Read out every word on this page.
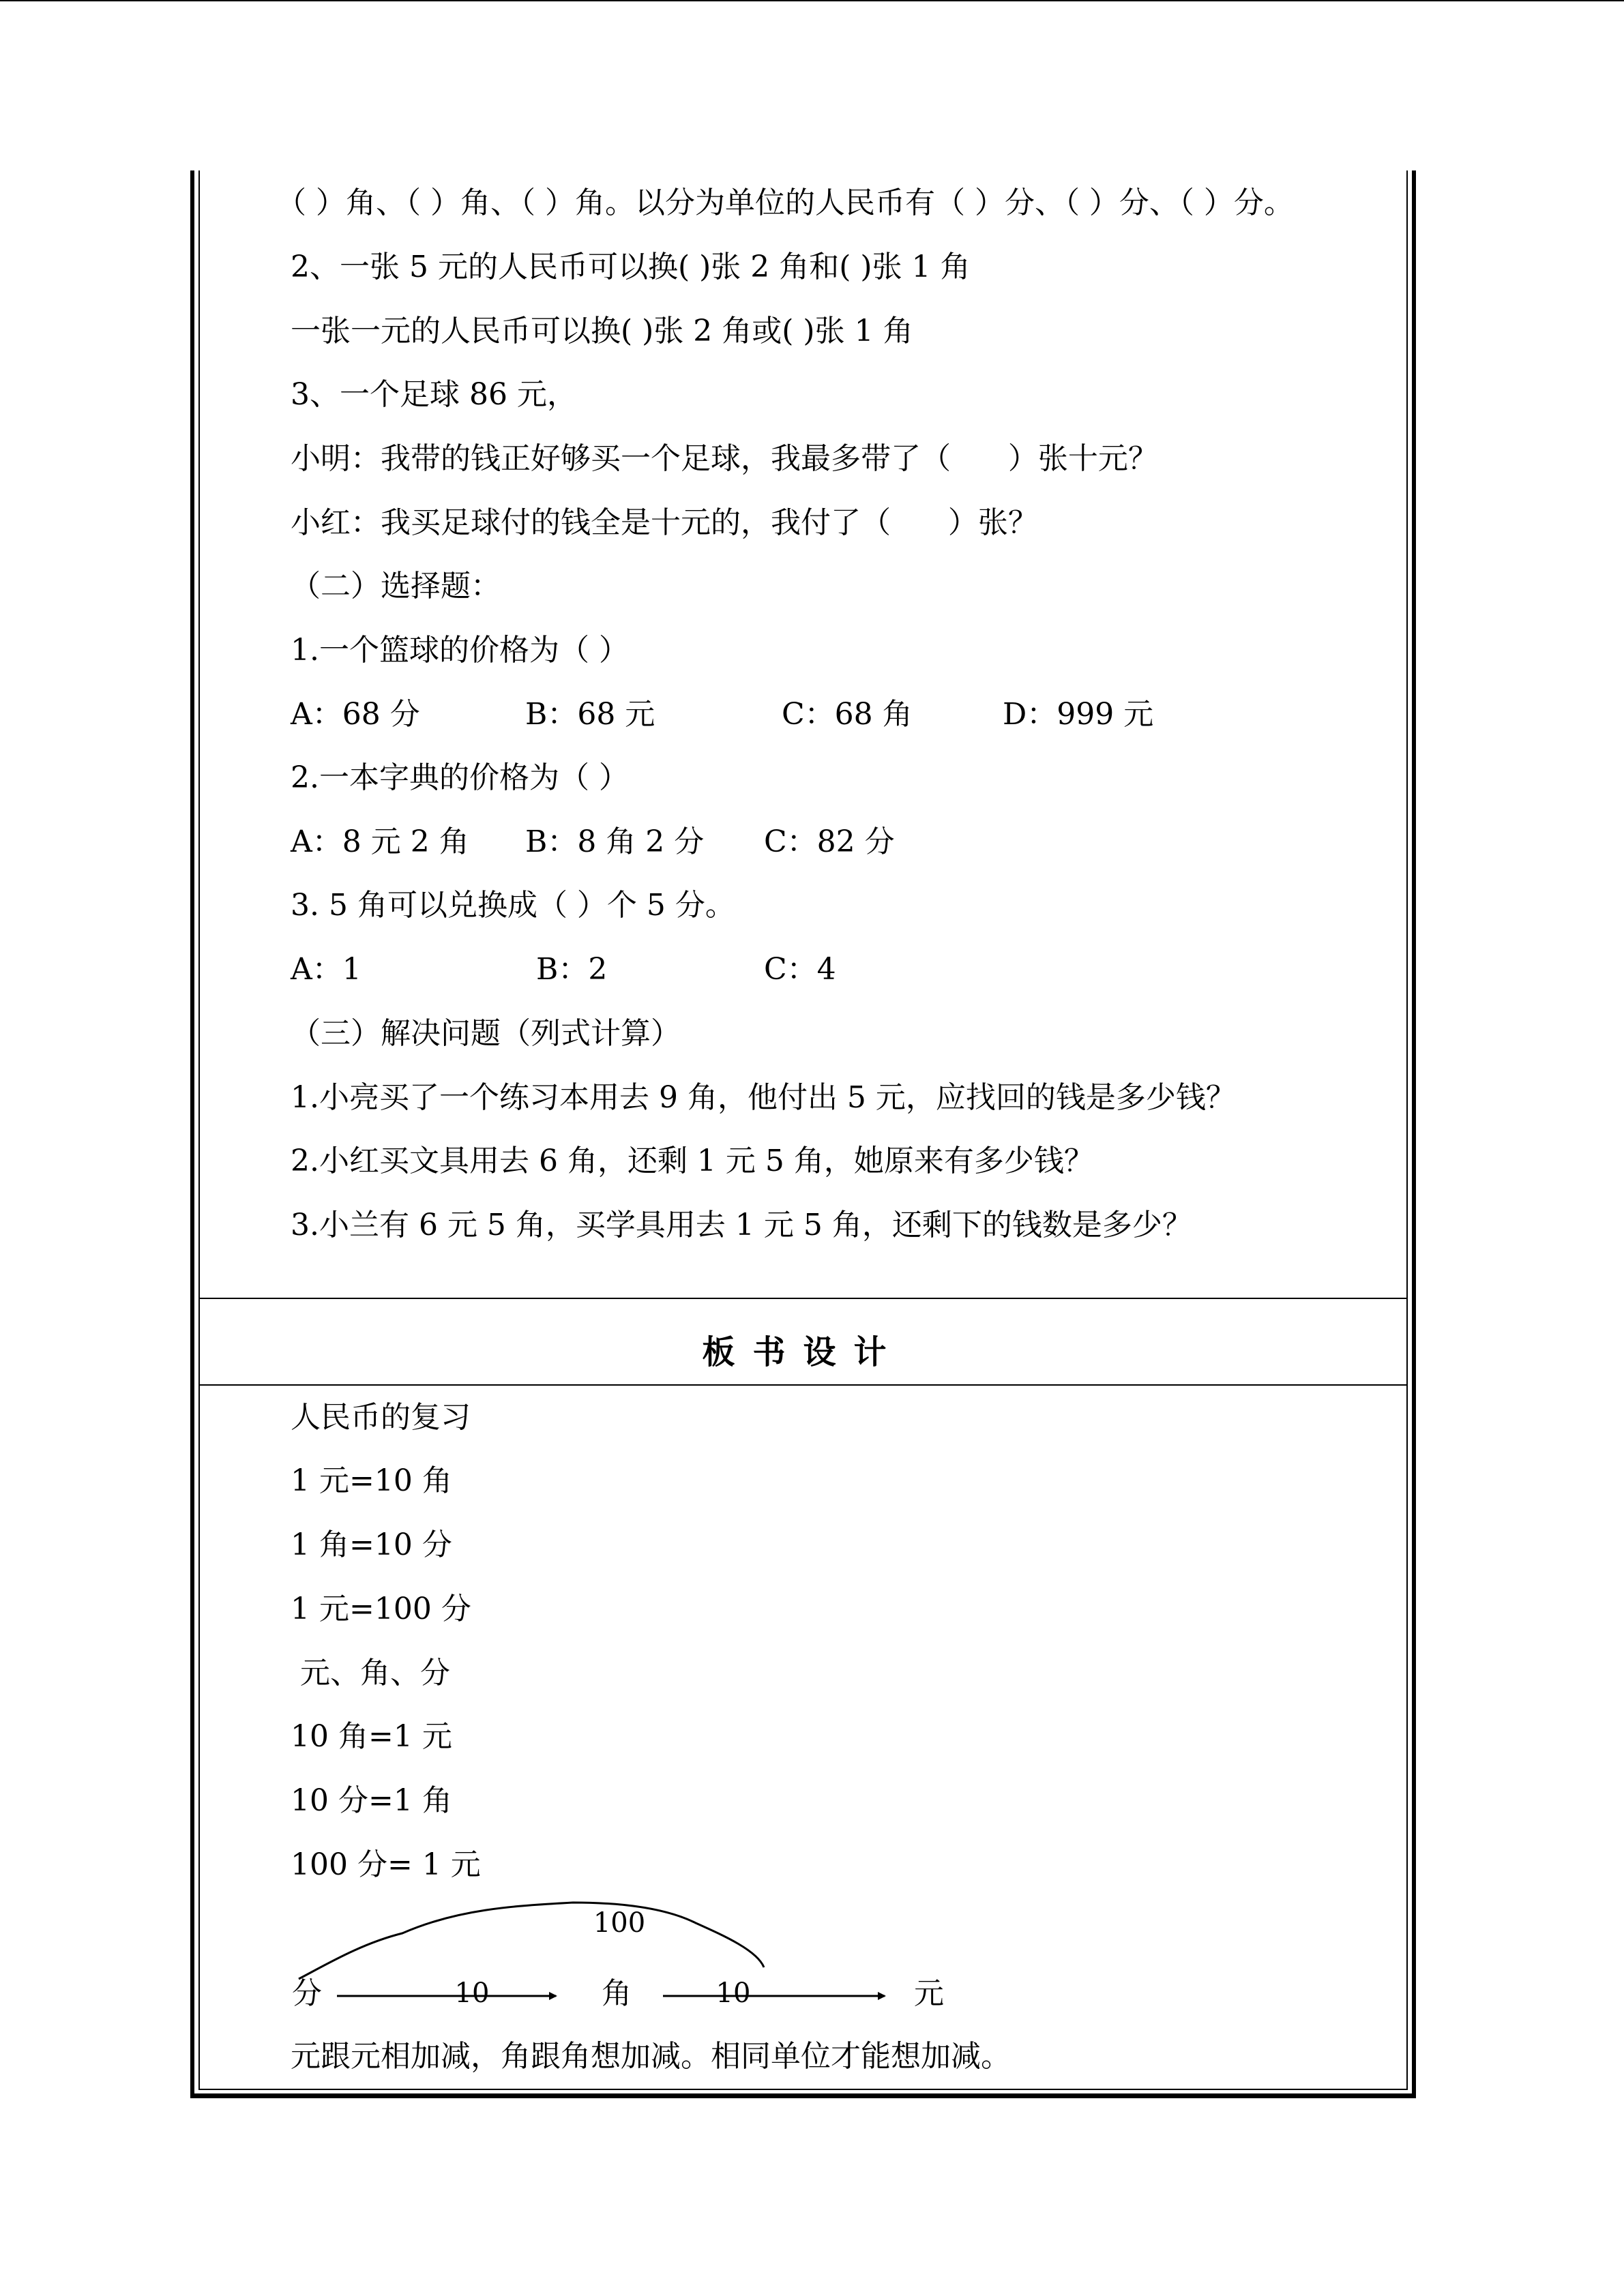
（ ）角、（ ）角、（ ）角。以分为单位的人民币有（ ）分、（ ）分、（ ）分。
2、一张 5 元的人民币可以换( )张 2 角和( )张 1 角
一张一元的人民币可以换( )张 2 角或( )张 1 角
3、一个足球 86 元，
小明：我带的钱正好够买一个足球，我最多带了（      ）张十元？
小红：我买足球付的钱全是十元的，我付了（      ）张？
（二）选择题：
1.一个篮球的价格为（ ）
A：68 分	B：68 元	C：68 角	D：999 元
2.一本字典的价格为（ ）
A：8 元 2 角 B：8 角 2 分 C：82 分
3. 5 角可以兑换成（ ）个 5 分。
A：1	B：2	C：4
（三）解决问题（列式计算）
1.小亮买了一个练习本用去 9 角，他付出 5 元，应找回的钱是多少钱？
2.小红买文具用去 6 角，还剩 1 元 5 角，她原来有多少钱？
3.小兰有 6 元 5 角，买学具用去 1 元 5 角，还剩下的钱数是多少？
板书设计
人民币的复习
1 元=10 角
1 角=10 分
1 元=100 分
元、角、分
10 角=1 元
10 分=1 角
100 分= 1 元
100
分	10	角	10	元
元跟元相加减，角跟角想加减。相同单位才能想加减。
